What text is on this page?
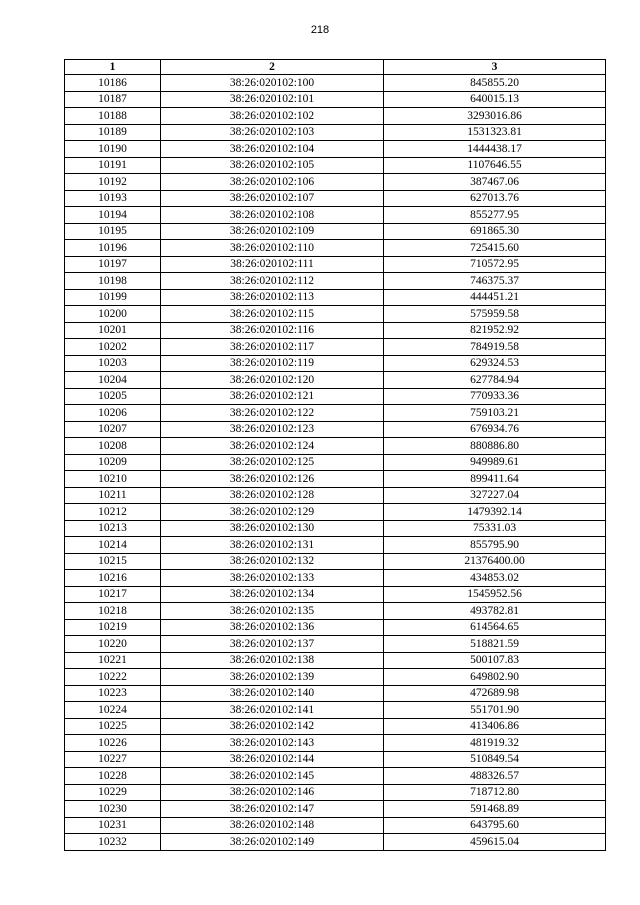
218
1	2	3
10186	38:26:020102:100	845855.20
10187	38:26:020102:101	640015.13
10188	38:26:020102:102	3293016.86
10189	38:26:020102:103	1531323.81
10190	38:26:020102:104	1444438.17
10191	38:26:020102:105	1107646.55
10192	38:26:020102:106	387467.06
10193	38:26:020102:107	627013.76
10194	38:26:020102:108	855277.95
10195	38:26:020102:109	691865.30
10196	38:26:020102:110	725415.60
10197	38:26:020102:111	710572.95
10198	38:26:020102:112	746375.37
10199	38:26:020102:113	444451.21
10200	38:26:020102:115	575959.58
10201	38:26:020102:116	821952.92
10202	38:26:020102:117	784919.58
10203	38:26:020102:119	629324.53
10204	38:26:020102:120	627784.94
10205	38:26:020102:121	770933.36
10206	38:26:020102:122	759103.21
10207	38:26:020102:123	676934.76
10208	38:26:020102:124	880886.80
10209	38:26:020102:125	949989.61
10210	38:26:020102:126	899411.64
10211	38:26:020102:128	327227.04
10212	38:26:020102:129	1479392.14
10213	38:26:020102:130	75331.03
10214	38:26:020102:131	855795.90
10215	38:26:020102:132	21376400.00
10216	38:26:020102:133	434853.02
10217	38:26:020102:134	1545952.56
10218	38:26:020102:135	493782.81
10219	38:26:020102:136	614564.65
10220	38:26:020102:137	518821.59
10221	38:26:020102:138	500107.83
10222	38:26:020102:139	649802.90
10223	38:26:020102:140	472689.98
10224	38:26:020102:141	551701.90
10225	38:26:020102:142	413406.86
10226	38:26:020102:143	481919.32
10227	38:26:020102:144	510849.54
10228	38:26:020102:145	488326.57
10229	38:26:020102:146	718712.80
10230	38:26:020102:147	591468.89
10231	38:26:020102:148	643795.60
10232	38:26:020102:149	459615.04
